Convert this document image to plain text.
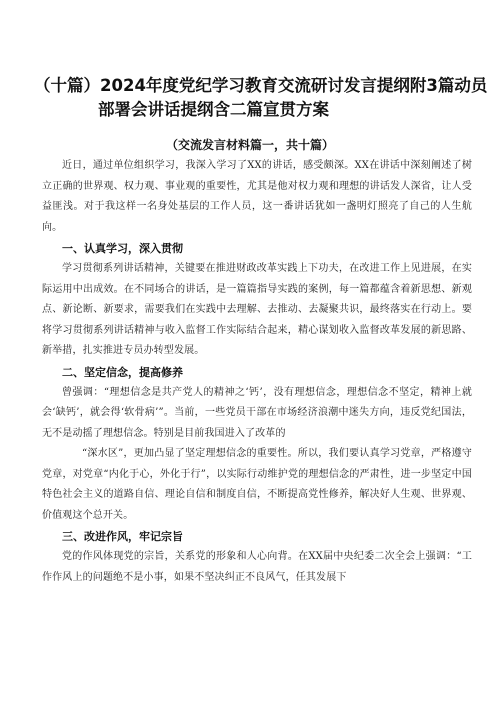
（十篇）2024年度党纪学习教育交流研讨发言提纲附3篇动员
部署会讲话提纲含二篇宣贯方案
（交流发言材料篇一，共十篇）

近日，通过单位组织学习，我深入学习了XX的讲话，感受颇深。XX在讲话中深刻阐述了树立正确的世界观、权力观、事业观的重要性，尤其是他对权力观和理想的讲话发人深省，让人受益匪浅。对于我这样一名身处基层的工作人员，这一番讲话犹如一盏明灯照亮了自己的人生航向。

一、认真学习，深入贯彻

学习贯彻系列讲话精神，关键要在推进财政改革实践上下功夫，在改进工作上见进展，在实际运用中出成效。在不同场合的讲话，是一篇篇指导实践的案例，每一篇都蕴含着新思想、新观点、新论断、新要求，需要我们在实践中去理解、去推动、去凝聚共识，最终落实在行动上。要将学习贯彻系列讲话精神与收入监督工作实际结合起来，精心谋划收入监督改革发展的新思路、新举措，扎实推进专员办转型发展。

二、坚定信念，提高修养

曾强调：“理想信念是共产党人的精神之‘钙’，没有理想信念，理想信念不坚定，精神上就会‘缺钙’，就会得‘软骨病’”。当前，一些党员干部在市场经济浪潮中迷失方向，违反党纪国法，无不是动摇了理想信念。特别是目前我国进入了改革的

“深水区”，更加凸显了坚定理想信念的重要性。所以，我们要认真学习党章，严格遵守党章，对党章“内化于心，外化于行”，以实际行动维护党的理想信念的严肃性，进一步坚定中国特色社会主义的道路自信、理论自信和制度自信，不断提高党性修养，解决好人生观、世界观、价值观这个总开关。

三、改进作风，牢记宗旨

党的作风体现党的宗旨，关系党的形象和人心向背。在XX届中央纪委二次全会上强调：“工作作风上的问题绝不是小事，如果不坚决纠正不良风气，任其发展下
